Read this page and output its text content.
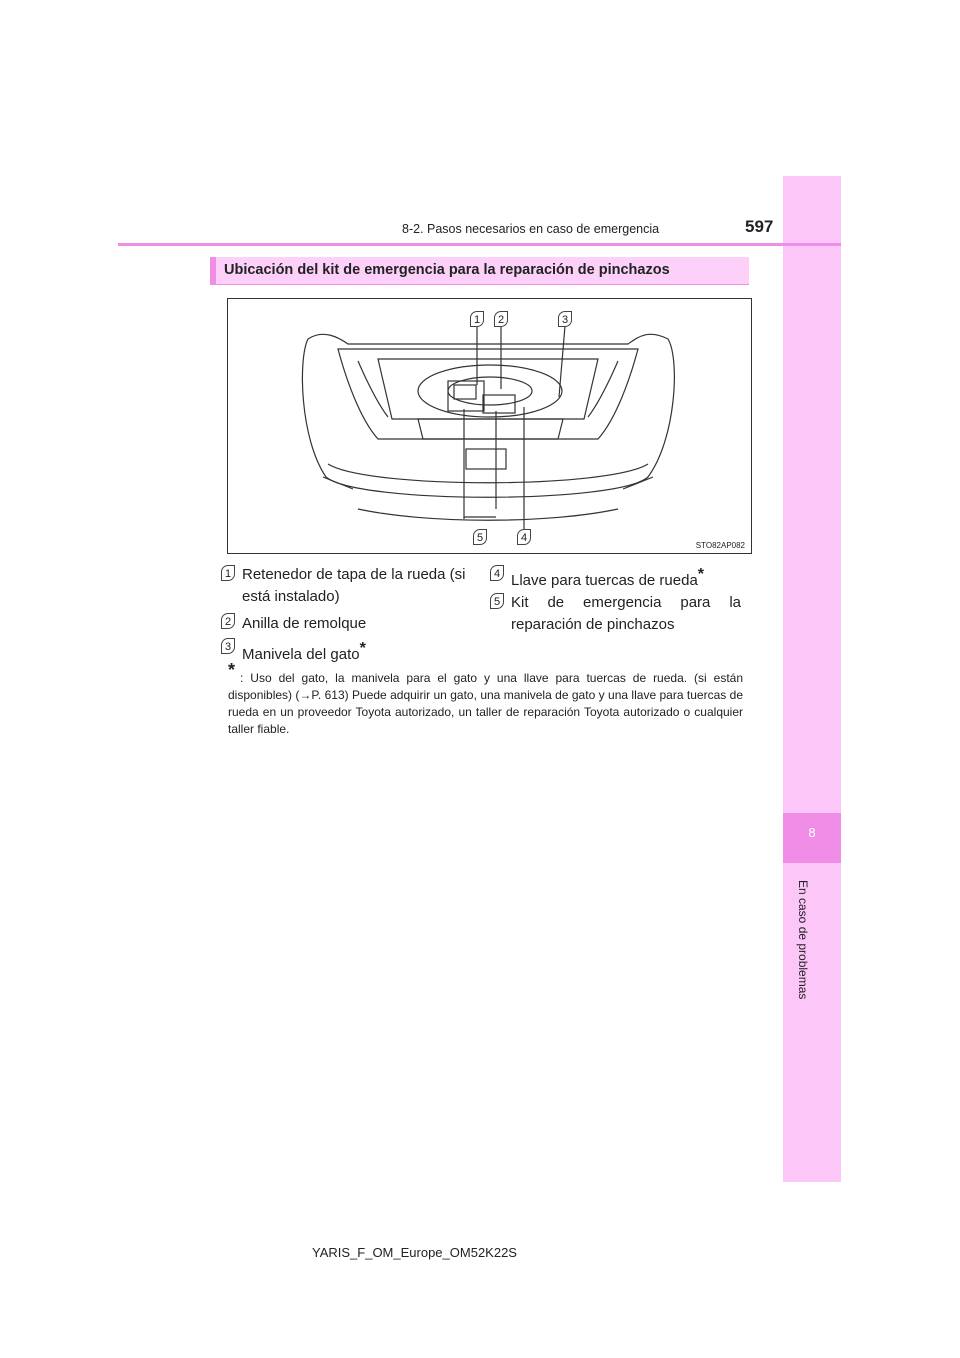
8
En caso de problemas
8-2. Pasos necesarios en caso de emergencia	597
Ubicación del kit de emergencia para la reparación de pinchazos
1	2	3
5	4
STO82AP082
1 Retenedor de tapa de la rueda (si
está instalado)
2 Anilla de remolque
3 Manivela del gato*
4 Llave para tuercas de rueda*
5 Kit de emergencia para la
reparación de pinchazos
* : Uso del gato, la manivela para el gato y una llave para tuercas de rueda. (si están disponibles) (→P. 613) Puede adquirir un gato, una manivela de gato y una llave para tuercas de rueda en un proveedor Toyota autorizado, un taller de reparación Toyota autorizado o cualquier taller fiable.
YARIS_F_OM_Europe_OM52K22S
